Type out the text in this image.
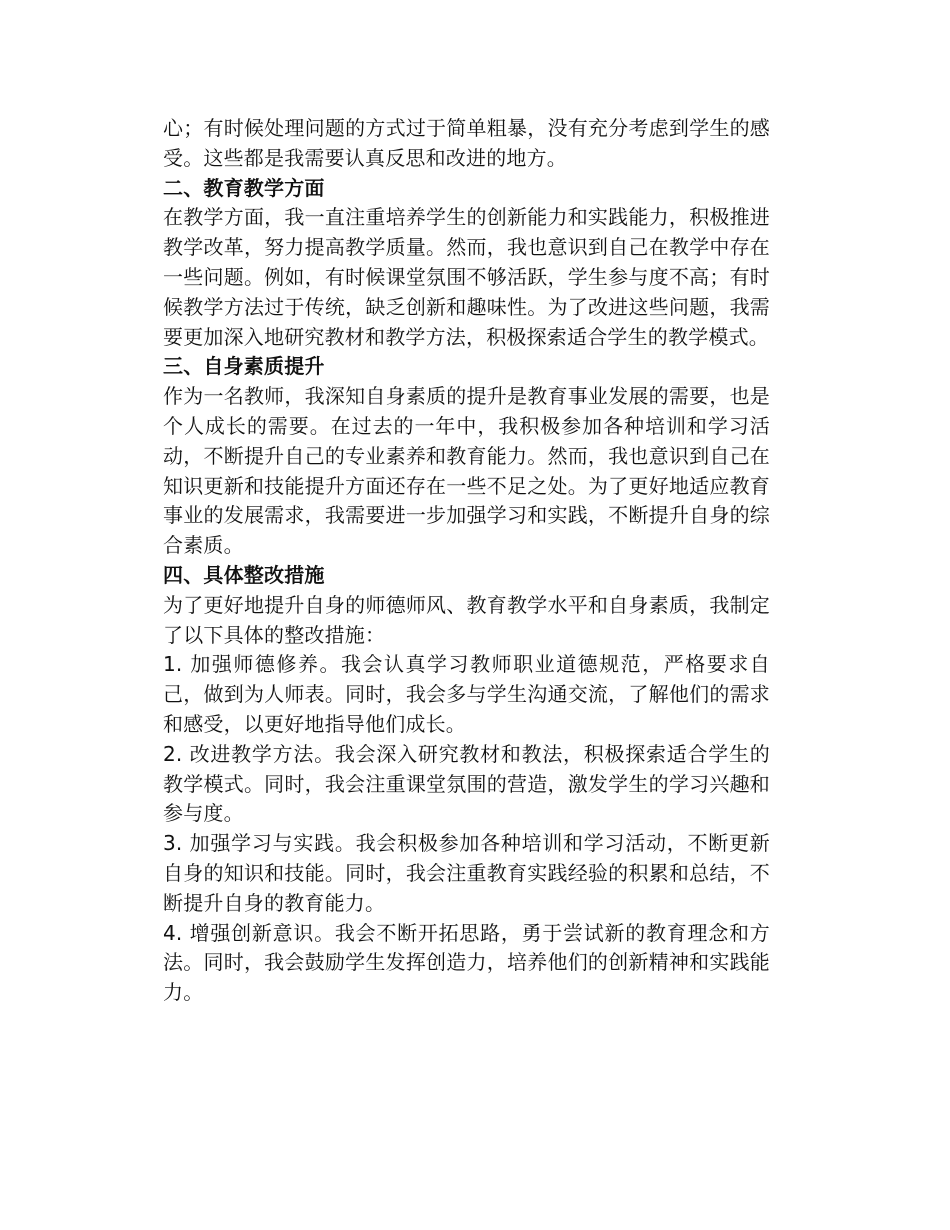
心；有时候处理问题的方式过于简单粗暴，没有充分考虑到学生的感受。这些都是我需要认真反思和改进的地方。

二、教育教学方面

在教学方面，我一直注重培养学生的创新能力和实践能力，积极推进教学改革，努力提高教学质量。然而，我也意识到自己在教学中存在一些问题。例如，有时候课堂氛围不够活跃，学生参与度不高；有时候教学方法过于传统，缺乏创新和趣味性。为了改进这些问题，我需要更加深入地研究教材和教学方法，积极探索适合学生的教学模式。

三、自身素质提升

作为一名教师，我深知自身素质的提升是教育事业发展的需要，也是个人成长的需要。在过去的一年中，我积极参加各种培训和学习活动，不断提升自己的专业素养和教育能力。然而，我也意识到自己在知识更新和技能提升方面还存在一些不足之处。为了更好地适应教育事业的发展需求，我需要进一步加强学习和实践，不断提升自身的综合素质。

四、具体整改措施

为了更好地提升自身的师德师风、教育教学水平和自身素质，我制定了以下具体的整改措施：

1. 加强师德修养。我会认真学习教师职业道德规范，严格要求自己，做到为人师表。同时，我会多与学生沟通交流，了解他们的需求和感受，以更好地指导他们成长。

2. 改进教学方法。我会深入研究教材和教法，积极探索适合学生的教学模式。同时，我会注重课堂氛围的营造，激发学生的学习兴趣和参与度。

3. 加强学习与实践。我会积极参加各种培训和学习活动，不断更新自身的知识和技能。同时，我会注重教育实践经验的积累和总结，不断提升自身的教育能力。

4. 增强创新意识。我会不断开拓思路，勇于尝试新的教育理念和方法。同时，我会鼓励学生发挥创造力，培养他们的创新精神和实践能力。
